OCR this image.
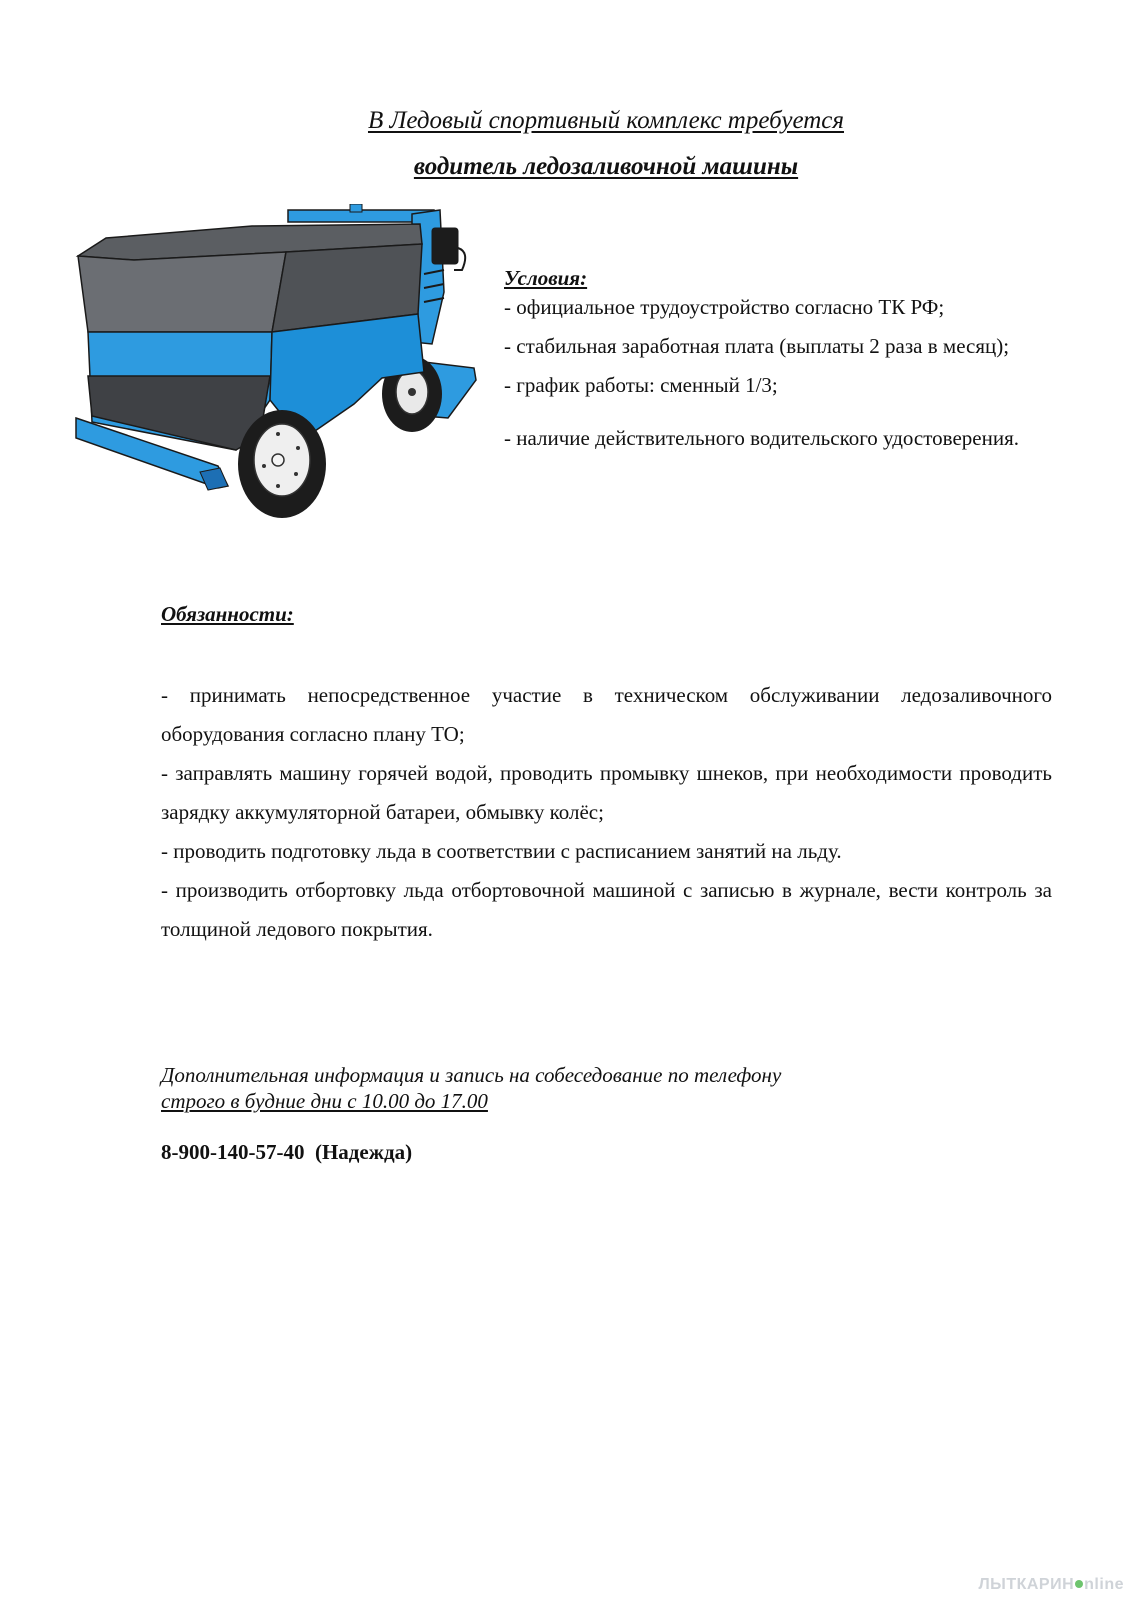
В Ледовый спортивный комплекс требуется
водитель ледозаливочной машины
Условия:

- официальное трудоустройство согласно ТК РФ;

- стабильная заработная плата (выплаты 2 раза в месяц);

- график работы: сменный 1/3;

- наличие действительного водительского удостоверения.

Обязанности:

- принимать непосредственное участие в техническом обслуживании ледозаливочного оборудования согласно плану ТО;

- заправлять машину горячей водой, проводить промывку шнеков, при необходимости проводить зарядку аккумуляторной батареи, обмывку колёс;

- проводить подготовку льда в соответствии с расписанием занятий на льду.

- производить отбортовку льда отбортовочной машиной с записью в журнале, вести контроль за толщиной ледового покрытия.

Дополнительная информация и запись на собеседование по телефону
строго в будние дни с 10.00 до 17.00
8-900-140-57-40  (Надежда)
ЛЫТКАРИН nline
